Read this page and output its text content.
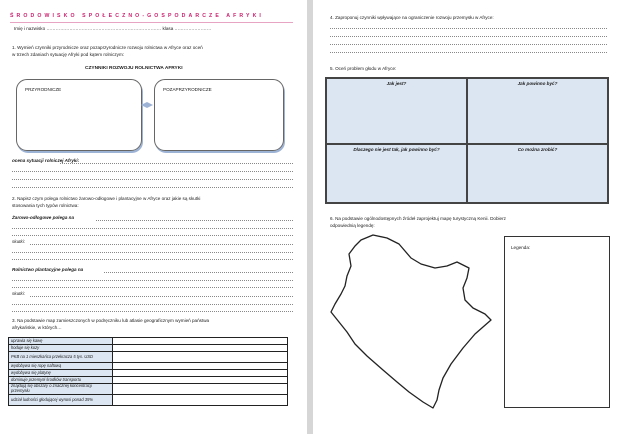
ŚRODOWISKO SPOŁECZNO-GOSPODARCZE AFRYKI
Imię i nazwisko ………………………………………………………………… klasa ……………………
1. Wymień czynniki przyrodnicze oraz pozaprzyrodnicze rozwoju rolnictwa w Afryce oraz oceń
w trzech zdaniach sytuację Afryki pod kątem rolniczym:
CZYNNIKI ROZWOJU ROLNICTWA AFRYKI
PRZYRODNICZE	POZAPRZYRODNICZE
ocena sytuacji rolniczej Afryki:
2. Napisz czym polega rolnictwo żarowo-odłogowe i plantacyjne w Afryce oraz jakie są skutki
stosowania tych typów rolnictwa:
Żarowo-odłogowe polega na
skutki:
Rolnictwo plantacyjne polega na
skutki:
3. Na podstawie map zamieszczonych w podręczniku lub atlasie geograficznym wymień państwa
afrykańskie, w których…
uprawia się kawę	
hoduje się kozy	
PKB na 1 mieszkańca przekracza 5 tys. USD	
wydobywa się ropę naftową	
wydobywa się platynę	
dominuje przemysł środków transportu	
znajdują się obszary o znacznej koncentracji przemysłu	
udział ludności głodującej wynosi ponad 35%	
4. Zaproponuj czynniki wpływające na ograniczenie rozwoju przemysłu w Afryce:
5. Oceń problem głodu w Afryce:
Jak jest?	Jak powinno być?
Dlaczego nie jest tak, jak powinno być?	Co można zrobić?
6. Na podstawie ogólnodostępnych źródeł zaprojektuj mapę turystyczną Kenii. Dobierz
odpowiednią legendę:
Legenda:
